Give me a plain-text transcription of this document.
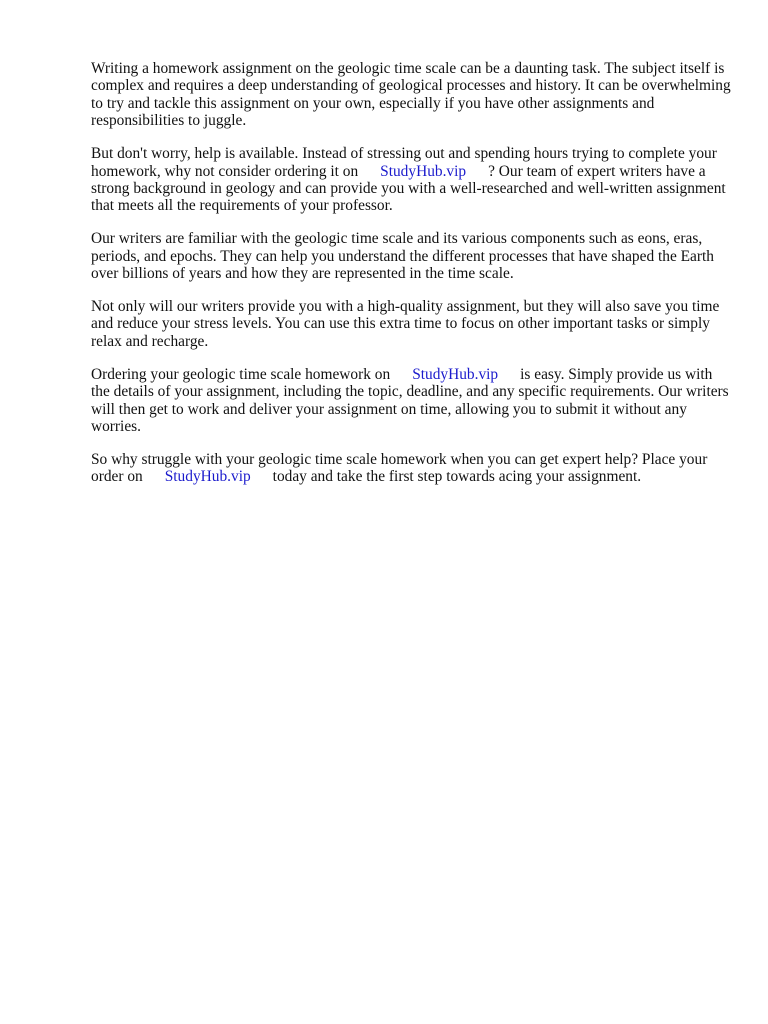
Writing a homework assignment on the geologic time scale can be a daunting task. The subject itself is complex and requires a deep understanding of geological processes and history. It can be overwhelming to try and tackle this assignment on your own, especially if you have other assignments and responsibilities to juggle.

But don't worry, help is available. Instead of stressing out and spending hours trying to complete your homework, why not consider ordering it on StudyHub.vip ? Our team of expert writers have a strong background in geology and can provide you with a well-researched and well-written assignment that meets all the requirements of your professor.

Our writers are familiar with the geologic time scale and its various components such as eons, eras, periods, and epochs. They can help you understand the different processes that have shaped the Earth over billions of years and how they are represented in the time scale.

Not only will our writers provide you with a high-quality assignment, but they will also save you time and reduce your stress levels. You can use this extra time to focus on other important tasks or simply relax and recharge.

Ordering your geologic time scale homework on StudyHub.vip is easy. Simply provide us with the details of your assignment, including the topic, deadline, and any specific requirements. Our writers will then get to work and deliver your assignment on time, allowing you to submit it without any worries.

So why struggle with your geologic time scale homework when you can get expert help? Place your order on StudyHub.vip today and take the first step towards acing your assignment.
